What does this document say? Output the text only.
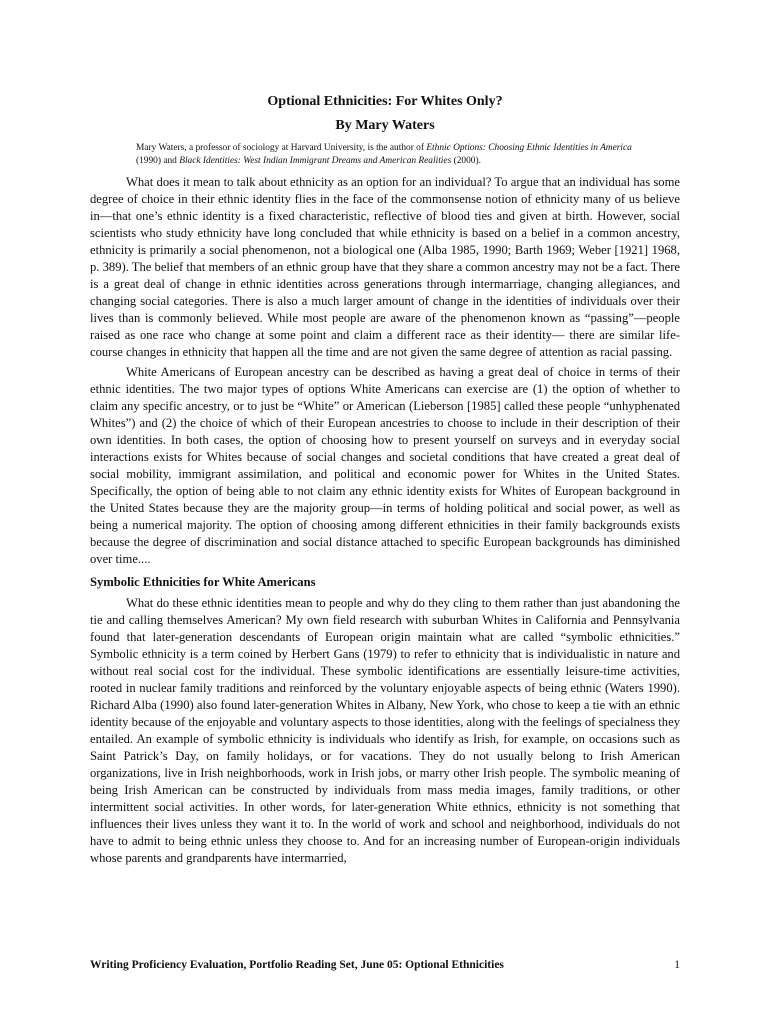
Optional Ethnicities: For Whites Only?
By Mary Waters

Mary Waters, a professor of sociology at Harvard University, is the author of Ethnic Options: Choosing Ethnic Identities in America (1990) and Black Identities: West Indian Immigrant Dreams and American Realities (2000).

What does it mean to talk about ethnicity as an option for an individual? To argue that an individual has some degree of choice in their ethnic identity flies in the face of the commonsense notion of ethnicity many of us believe in—that one’s ethnic identity is a fixed characteristic, reflective of blood ties and given at birth. However, social scientists who study ethnicity have long concluded that while ethnicity is based on a belief in a common ancestry, ethnicity is primarily a social phenomenon, not a biological one (Alba 1985, 1990; Barth 1969; Weber [1921] 1968, p. 389). The belief that members of an ethnic group have that they share a common ancestry may not be a fact. There is a great deal of change in ethnic identities across generations through intermarriage, changing allegiances, and changing social categories. There is also a much larger amount of change in the identities of individuals over their lives than is commonly believed. While most people are aware of the phenomenon known as “passing”—people raised as one race who change at some point and claim a different race as their identity— there are similar life-course changes in ethnicity that happen all the time and are not given the same degree of attention as racial passing.

White Americans of European ancestry can be described as having a great deal of choice in terms of their ethnic identities. The two major types of options White Americans can exercise are (1) the option of whether to claim any specific ancestry, or to just be “White” or American (Lieberson [1985] called these people “unhyphenated Whites”) and (2) the choice of which of their European ancestries to choose to include in their description of their own identities. In both cases, the option of choosing how to present yourself on surveys and in everyday social interactions exists for Whites because of social changes and societal conditions that have created a great deal of social mobility, immigrant assimilation, and political and economic power for Whites in the United States. Specifically, the option of being able to not claim any ethnic identity exists for Whites of European background in the United States because they are the majority group—in terms of holding political and social power, as well as being a numerical majority. The option of choosing among different ethnicities in their family backgrounds exists because the degree of discrimination and social distance attached to specific European backgrounds has diminished over time....

Symbolic Ethnicities for White Americans

What do these ethnic identities mean to people and why do they cling to them rather than just abandoning the tie and calling themselves American? My own field research with suburban Whites in California and Pennsylvania found that later-generation descendants of European origin maintain what are called “symbolic ethnicities.” Symbolic ethnicity is a term coined by Herbert Gans (1979) to refer to ethnicity that is individualistic in nature and without real social cost for the individual. These symbolic identifications are essentially leisure-time activities, rooted in nuclear family traditions and reinforced by the voluntary enjoyable aspects of being ethnic (Waters 1990). Richard Alba (1990) also found later-generation Whites in Albany, New York, who chose to keep a tie with an ethnic identity because of the enjoyable and voluntary aspects to those identities, along with the feelings of specialness they entailed. An example of symbolic ethnicity is individuals who identify as Irish, for example, on occasions such as Saint Patrick’s Day, on family holidays, or for vacations. They do not usually belong to Irish American organizations, live in Irish neighborhoods, work in Irish jobs, or marry other Irish people. The symbolic meaning of being Irish American can be constructed by individuals from mass media images, family traditions, or other intermittent social activities. In other words, for later-generation White ethnics, ethnicity is not something that influences their lives unless they want it to. In the world of work and school and neighborhood, individuals do not have to admit to being ethnic unless they choose to. And for an increasing number of European-origin individuals whose parents and grandparents have intermarried,

Writing Proficiency Evaluation, Portfolio Reading Set, June 05: Optional Ethnicities	1
